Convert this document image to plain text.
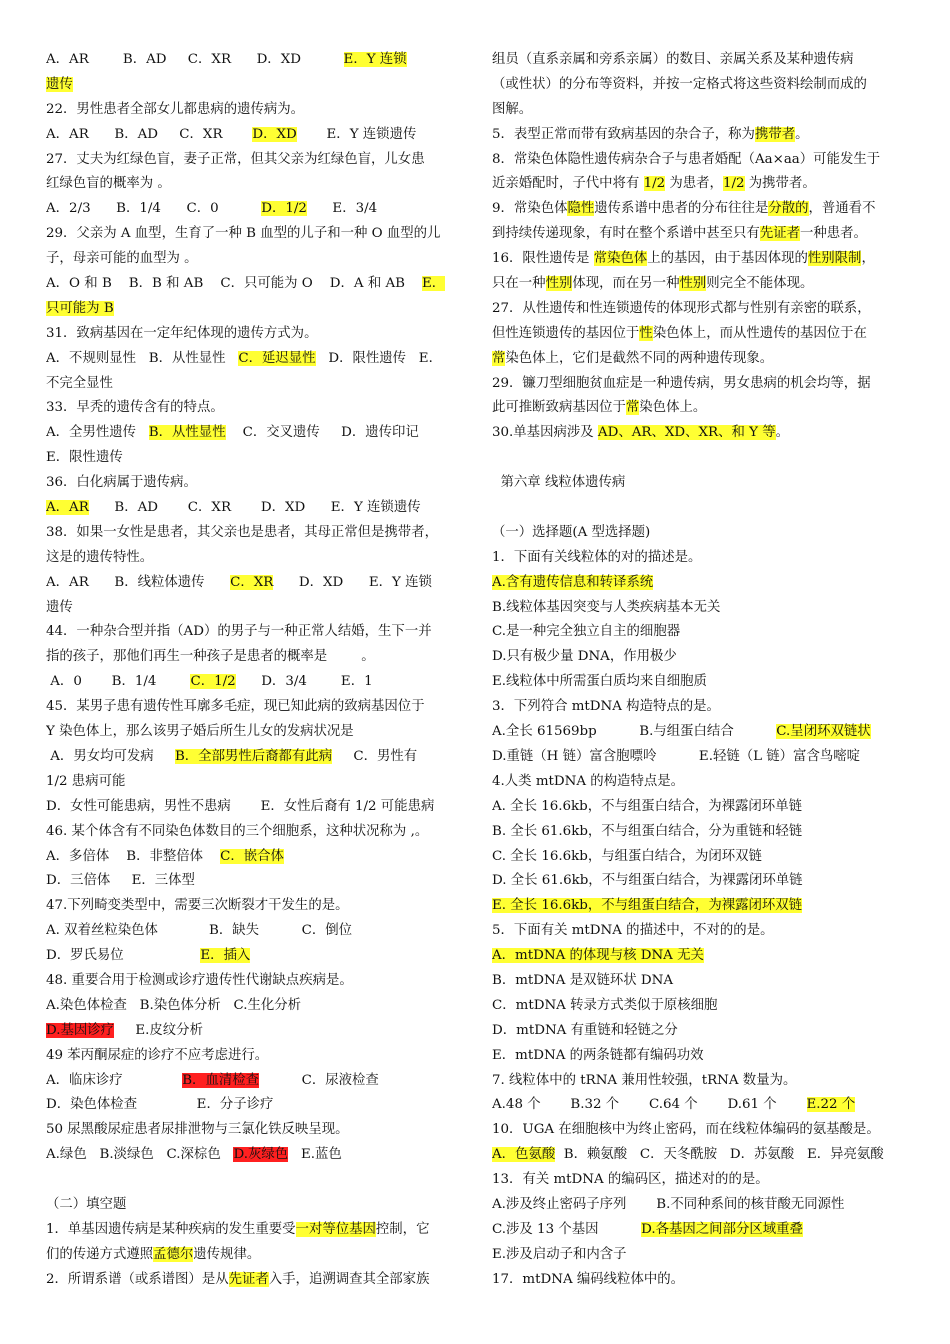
A．AR        B．AD     C．XR      D．XD          E．Y 连锁
遗传
22．男性患者全部女儿都患病的遗传病为。
A．AR      B．AD     C．XR       D．XD       E．Y 连锁遗传
27．丈夫为红绿色盲，妻子正常，但其父亲为红绿色盲，儿女患
红绿色盲的概率为 。
A．2/3      B．1/4      C．0          D．1/2      E．3/4
29．父亲为 A 血型，生育了一种 B 血型的儿子和一种 O 血型的儿
子，母亲可能的血型为 。
A．O 和 B    B．B 和 AB    C．只可能为 O    D．A 和 AB    E．
只可能为 B
31．致病基因在一定年纪体现的遗传方式为。
A．不规则显性   B．从性显性   C．延迟显性   D．限性遗传   E．
不完全显性
33．早秃的遗传含有的特点。
A．全男性遗传   B．从性显性    C．交叉遗传     D．遗传印记
E．限性遗传
36．白化病属于遗传病。
A．AR      B．AD       C．XR       D．XD      E．Y 连锁遗传
38．如果一女性是患者，其父亲也是患者，其母正常但是携带者，
这是的遗传特性。
A．AR      B．线粒体遗传      C．XR      D．XD      E．Y 连锁
遗传
44．一种杂合型并指（AD）的男子与一种正常人结婚，生下一并
指的孩子，那他们再生一种孩子是患者的概率是        。
A．0       B．1/4        C．1/2      D．3/4        E．1
45．某男子患有遗传性耳廓多毛症，现已知此病的致病基因位于
Y 染色体上，那么该男子婚后所生儿女的发病状况是
A．男女均可发病     B．全部男性后裔都有此病     C．男性有
1/2 患病可能
D．女性可能患病，男性不患病       E．女性后裔有 1/2 可能患病
46. 某个体含有不同染色体数目的三个细胞系，这种状况称为 ,。
A．多倍体    B．非整倍体    C．嵌合体
D．三倍体     E．三体型
47.下列畸变类型中，需要三次断裂才干发生的是。
A. 双着丝粒染色体            B．缺失          C．倒位
D．罗氏易位                  E．插入
48. 重要合用于检测或诊疗遗传性代谢缺点疾病是。
A.染色体检查   B.染色体分析   C.生化分析
D.基因诊疗     E.皮纹分析
49 苯丙酮尿症的诊疗不应考虑进行。
A．临床诊疗              B．血清检查          C．尿液检查
D．染色体检查              E．分子诊疗
50 尿黑酸尿症患者尿排泄物与三氯化铁反映呈现。
A.绿色   B.淡绿色   C.深棕色   D.灰绿色   E.蓝色
（二）填空题
1．单基因遗传病是某种疾病的发生重要受一对等位基因控制，它
们的传递方式遵照孟德尔遗传规律。
2．所谓系谱（或系谱图）是从先证者入手，追溯调查其全部家族
组员（直系亲属和旁系亲属）的数目、亲属关系及某种遗传病
（或性状）的分布等资料，并按一定格式将这些资料绘制而成的
图解。
5．表型正常而带有致病基因的杂合子，称为携带者。
8．常染色体隐性遗传病杂合子与患者婚配（Aa×aa）可能发生于
近亲婚配时，子代中将有 1/2 为患者，1/2 为携带者。
9．常染色体隐性遗传系谱中患者的分布往往是分散的，普通看不
到持续传递现象，有时在整个系谱中甚至只有先证者一种患者。
16．限性遗传是 常染色体上的基因，由于基因体现的性别限制，
只在一种性别体现，而在另一种性别则完全不能体现。
27．从性遗传和性连锁遗传的体现形式都与性别有亲密的联系，
但性连锁遗传的基因位于性染色体上，而从性遗传的基因位于在
常染色体上，它们是截然不同的两种遗传现象。
29．镰刀型细胞贫血症是一种遗传病，男女患病的机会均等，据
此可推断致病基因位于常染色体上。
30.单基因病涉及 AD、AR、XD、XR、和 Y 等。
第六章 线粒体遗传病
（一）选择题(A 型选择题)
1．下面有关线粒体的对的描述是。
A.含有遗传信息和转译系统
B.线粒体基因突变与人类疾病基本无关
C.是一种完全独立自主的细胞器
D.只有极少量 DNA，作用极少
E.线粒体中所需蛋白质均来自细胞质
3．下列符合 mtDNA 构造特点的是。
A.全长 61569bp          B.与组蛋白结合          C.呈闭环双链状
D.重链（H 链）富含胞嘌呤          E.轻链（L 链）富含鸟嘧啶
4.人类 mtDNA 的构造特点是。
A. 全长 16.6kb，不与组蛋白结合，为裸露闭环单链
B. 全长 61.6kb，不与组蛋白结合，分为重链和轻链
C. 全长 16.6kb，与组蛋白结合，为闭环双链
D. 全长 61.6kb，不与组蛋白结合，为裸露闭环单链
E. 全长 16.6kb，不与组蛋白结合，为裸露闭环双链
5．下面有关 mtDNA 的描述中，不对的的是。
A．mtDNA 的体现与核 DNA 无关
B．mtDNA 是双链环状 DNA
C．mtDNA 转录方式类似于原核细胞
D．mtDNA 有重链和轻链之分
E．mtDNA 的两条链都有编码功效
7. 线粒体中的 tRNA 兼用性较强，tRNA 数量为。
A.48 个       B.32 个       C.64 个       D.61 个       E.22 个
10．UGA 在细胞核中为终止密码，而在线粒体编码的氨基酸是。
A．色氨酸  B．赖氨酸   C．天冬酰胺   D．苏氨酸   E．异亮氨酸
13．有关 mtDNA 的编码区，描述对的的是。
A.涉及终止密码子序列       B.不同种系间的核苷酸无同源性
C.涉及 13 个基因          D.各基因之间部分区域重叠
E.涉及启动子和内含子
17．mtDNA 编码线粒体中的。
